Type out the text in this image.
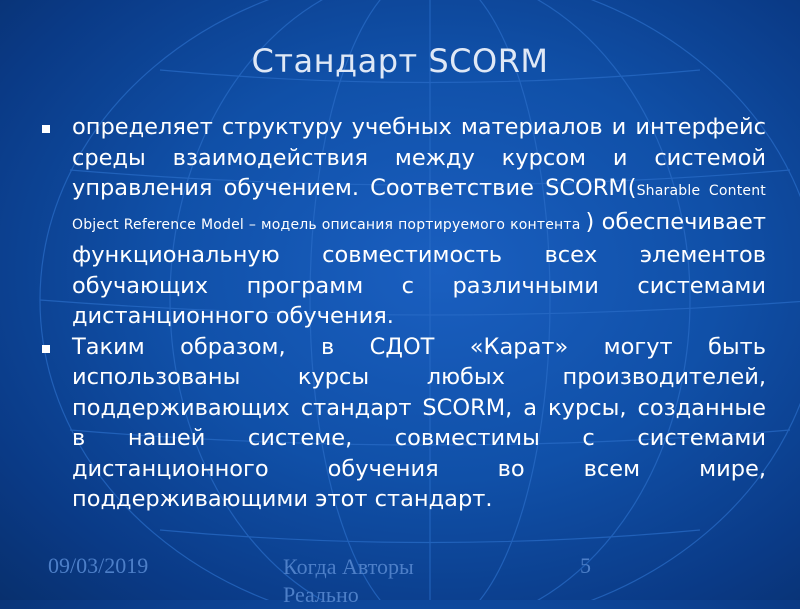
Стандарт SCORM
определяет структуру учебных материалов и интерфейс среды взаимодействия между курсом и системой управления обучением. Соответствие SCORM(Sharable Content Object Reference Model – модель описания портируемого контента ) обеспечивает функциональную совместимость всех элементов обучающих программ с различными системами дистанционного обучения.
Таким образом, в СДОТ «Карат» могут быть использованы курсы любых производителей, поддерживающих стандарт SCORM, а курсы, созданные в нашей системе, совместимы с системами дистанционного обучения во всем мире, поддерживающими этот стандарт.
09/03/2019	Когда Авторы Реально
5
